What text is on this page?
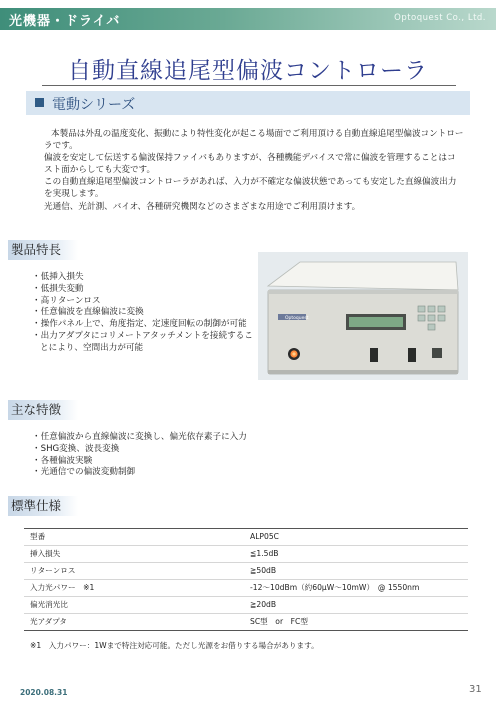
光機器・ドライバ	Optoquest Co., Ltd.
自動直線追尾型偏波コントローラ
電動シリーズ

本製品は外乱の温度変化、振動により特性変化が起こる場面でご利用頂ける自動直線追尾型偏波コントローラです。

偏波を安定して伝送する偏波保持ファイバもありますが、各種機能デバイスで常に偏波を管理することはコスト面からしても大変です。

この自動直線追尾型偏波コントローラがあれば、入力が不確定な偏波状態であっても安定した直線偏波出力を実現します。

光通信、光計測、バイオ、各種研究機関などのさまざまな用途でご利用頂けます。

製品特長
・ 低挿入損失
・ 低損失変動
・ 高リターンロス
・ 任意偏波を直線偏波に変換
・ 操作パネル上で、角度指定、定速度回転の制御が可能
・ 出力アダプタにコリメートアタッチメントを接続することにより、空間出力が可能
Optoquest
主な特徴
・ 任意偏波から直線偏波に変換し、偏光依存素子に入力
・ SHG変換、波長変換
・ 各種偏波実験
・ 光通信での偏波変動制御
標準仕様
型番	ALP05C
挿入損失	≦1.5dB
リターンロス	≧50dB
入力光パワー　※1	-12～10dBm（約60μW～10mW）　@ 1550nm
偏光消光比	≧20dB
光アダプタ	SC型　or　FC型
※1　入力パワー：1Wまで特注対応可能。ただし光源をお借りする場合があります。
2020.08.31	31
